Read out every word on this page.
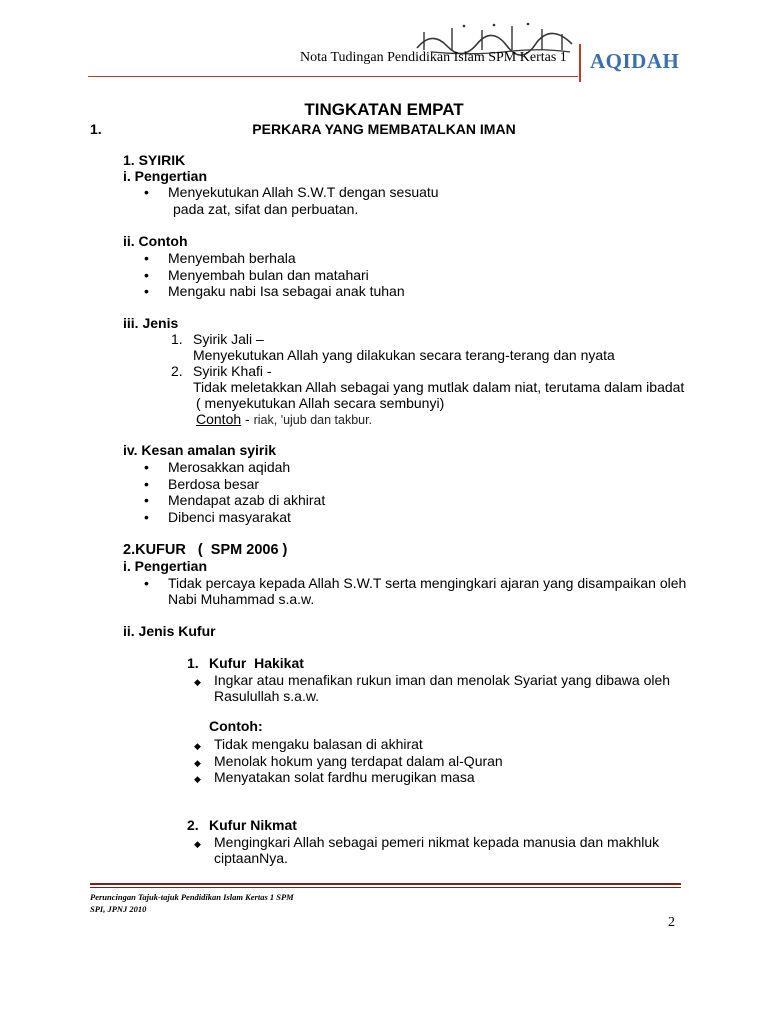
Nota Tudingan Pendidikan Islam SPM Kertas 1 AQIDAH
TINGKATAN EMPAT
1.	PERKARA YANG MEMBATALKAN IMAN
1. SYIRIK
i. Pengertian
• Menyekutukan Allah S.W.T dengan sesuatu
pada zat, sifat dan perbuatan.
ii. Contoh
• Menyembah berhala
• Menyembah bulan dan matahari
• Mengaku nabi Isa sebagai anak tuhan
iii. Jenis
1. Syirik Jali –
Menyekutukan Allah yang dilakukan secara terang-terang dan nyata
2. Syirik Khafi -
Tidak meletakkan Allah sebagai yang mutlak dalam niat, terutama dalam ibadat
( menyekutukan Allah secara sembunyi)
Contoh - riak, 'ujub dan takbur.
iv. Kesan amalan syirik
• Merosakkan aqidah
• Berdosa besar
• Mendapat azab di akhirat
• Dibenci masyarakat
2.KUFUR   (  SPM 2006 )
i. Pengertian
• Tidak percaya kepada Allah S.W.T serta mengingkari ajaran yang disampaikan oleh
Nabi Muhammad s.a.w.
ii. Jenis Kufur
1. Kufur  Hakikat
◆ Ingkar atau menafikan rukun iman dan menolak Syariat yang dibawa oleh
Rasulullah s.a.w.
Contoh:
◆ Tidak mengaku balasan di akhirat
◆ Menolak hokum yang terdapat dalam al-Quran
◆ Menyatakan solat fardhu merugikan masa
2. Kufur Nikmat
◆ Mengingkari Allah sebagai pemeri nikmat kepada manusia dan makhluk
ciptaanNya.
Peruncingan Tajuk-tajuk Pendidikan Islam Kertas 1 SPM
SPI, JPNJ 2010
2
